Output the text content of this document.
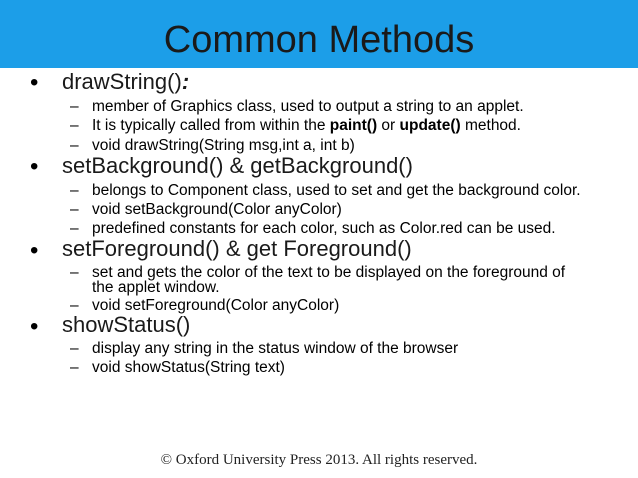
Common Methods
• drawString():
– member of Graphics class, used to output a string to an applet.
– It is typically called from within the paint() or update() method.
– void drawString(String msg,int a, int b)
• setBackground() & getBackground()
– belongs to Component class, used to set and get the background color.
– void setBackground(Color anyColor)
– predefined constants for each color, such as Color.red can be used.
• setForeground() & get Foreground()
– set and gets the color of the text to be displayed on the foreground of
the applet window.
– void setForeground(Color anyColor)
• showStatus()
– display any string in the status window of the browser
– void showStatus(String text)
© Oxford University Press 2013. All rights reserved.
